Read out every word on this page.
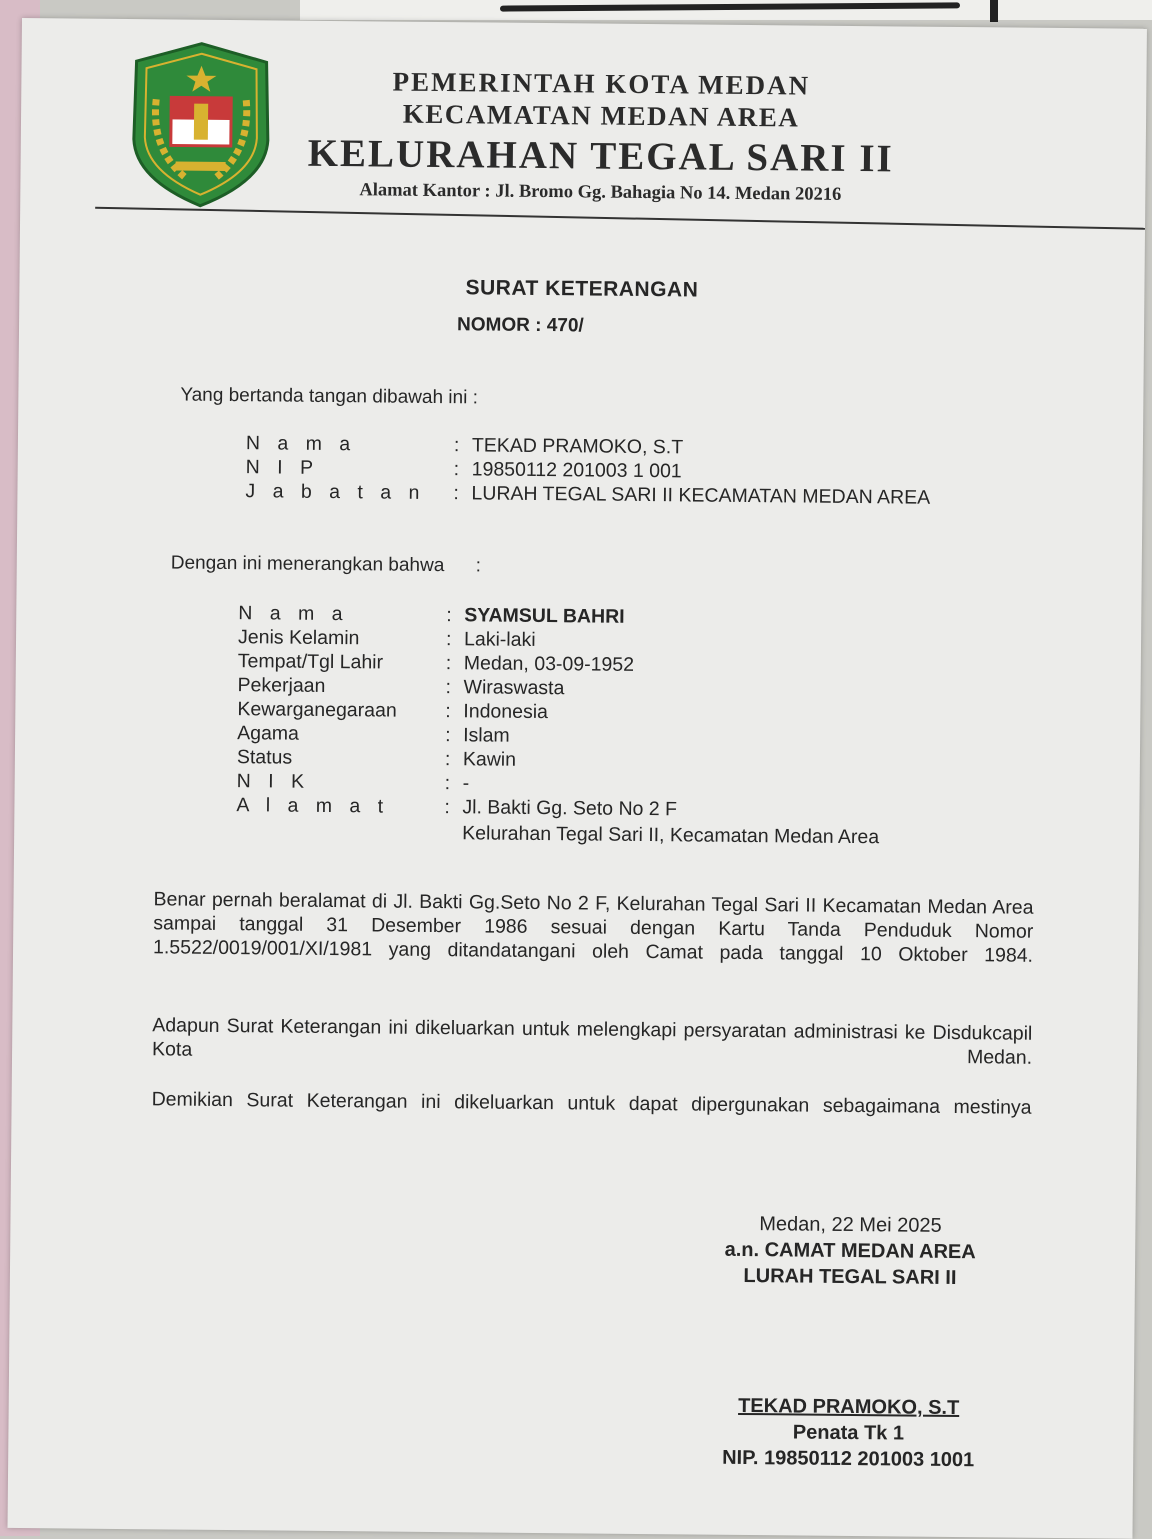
PEMERINTAH KOTA MEDAN
KECAMATAN MEDAN AREA
KELURAHAN TEGAL SARI II
Alamat Kantor : Jl. Bromo Gg. Bahagia No 14. Medan 20216
SURAT KETERANGAN
NOMOR : 470/
Yang bertanda tangan dibawah ini :
N a m a	: TEKAD PRAMOKO, S.T
N I P	: 19850112 201003 1 001
J a b a t a n : LURAH TEGAL SARI II KECAMATAN MEDAN AREA
Dengan ini menerangkan bahwa :
N a m a	: SYAMSUL BAHRI
Jenis Kelamin	: Laki-laki
Tempat/Tgl Lahir	: Medan, 03-09-1952
Pekerjaan	: Wiraswasta
Kewarganegaraan : Indonesia
Agama	: Islam
Status	: Kawin
N I K	: -
A l a m a t	: Jl. Bakti Gg. Seto No 2 F
Kelurahan Tegal Sari II, Kecamatan Medan Area
Benar pernah beralamat di Jl. Bakti Gg.Seto No 2 F, Kelurahan Tegal Sari II Kecamatan Medan Area sampai tanggal 31 Desember 1986 sesuai dengan Kartu Tanda Penduduk Nomor 1.5522/0019/001/XI/1981 yang ditandatangani oleh Camat pada tanggal 10 Oktober 1984.
Adapun Surat Keterangan ini dikeluarkan untuk melengkapi persyaratan administrasi ke Disdukcapil Kota Medan.
Demikian Surat Keterangan ini dikeluarkan untuk dapat dipergunakan sebagaimana mestinya
Medan, 22 Mei 2025
a.n. CAMAT MEDAN AREA
LURAH TEGAL SARI II
TEKAD PRAMOKO, S.T
Penata Tk 1
NIP. 19850112 201003 1001
